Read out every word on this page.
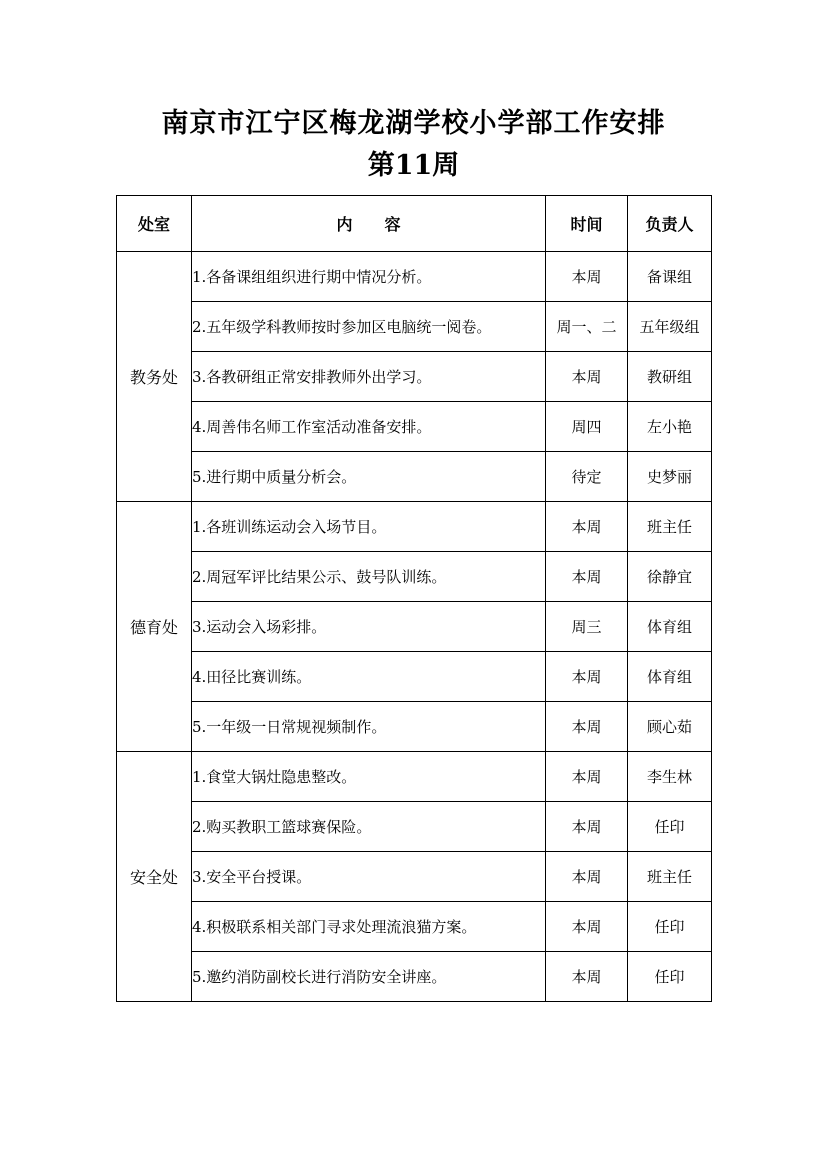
南京市江宁区梅龙湖学校小学部工作安排
第11周
处室	内　　容	时间	负责人
教务处	1.各备课组组织进行期中情况分析。	本周	备课组
	2.五年级学科教师按时参加区电脑统一阅卷。	周一、二	五年级组
	3.各教研组正常安排教师外出学习。	本周	教研组
	4.周善伟名师工作室活动准备安排。	周四	左小艳
	5.进行期中质量分析会。	待定	史梦丽
德育处	1.各班训练运动会入场节目。	本周	班主任
	2.周冠军评比结果公示、鼓号队训练。	本周	徐静宜
	3.运动会入场彩排。	周三	体育组
	4.田径比赛训练。	本周	体育组
	5.一年级一日常规视频制作。	本周	顾心茹
安全处	1.食堂大锅灶隐患整改。	本周	李生林
	2.购买教职工篮球赛保险。	本周	任印
	3.安全平台授课。	本周	班主任
	4.积极联系相关部门寻求处理流浪猫方案。	本周	任印
	5.邀约消防副校长进行消防安全讲座。	本周	任印
